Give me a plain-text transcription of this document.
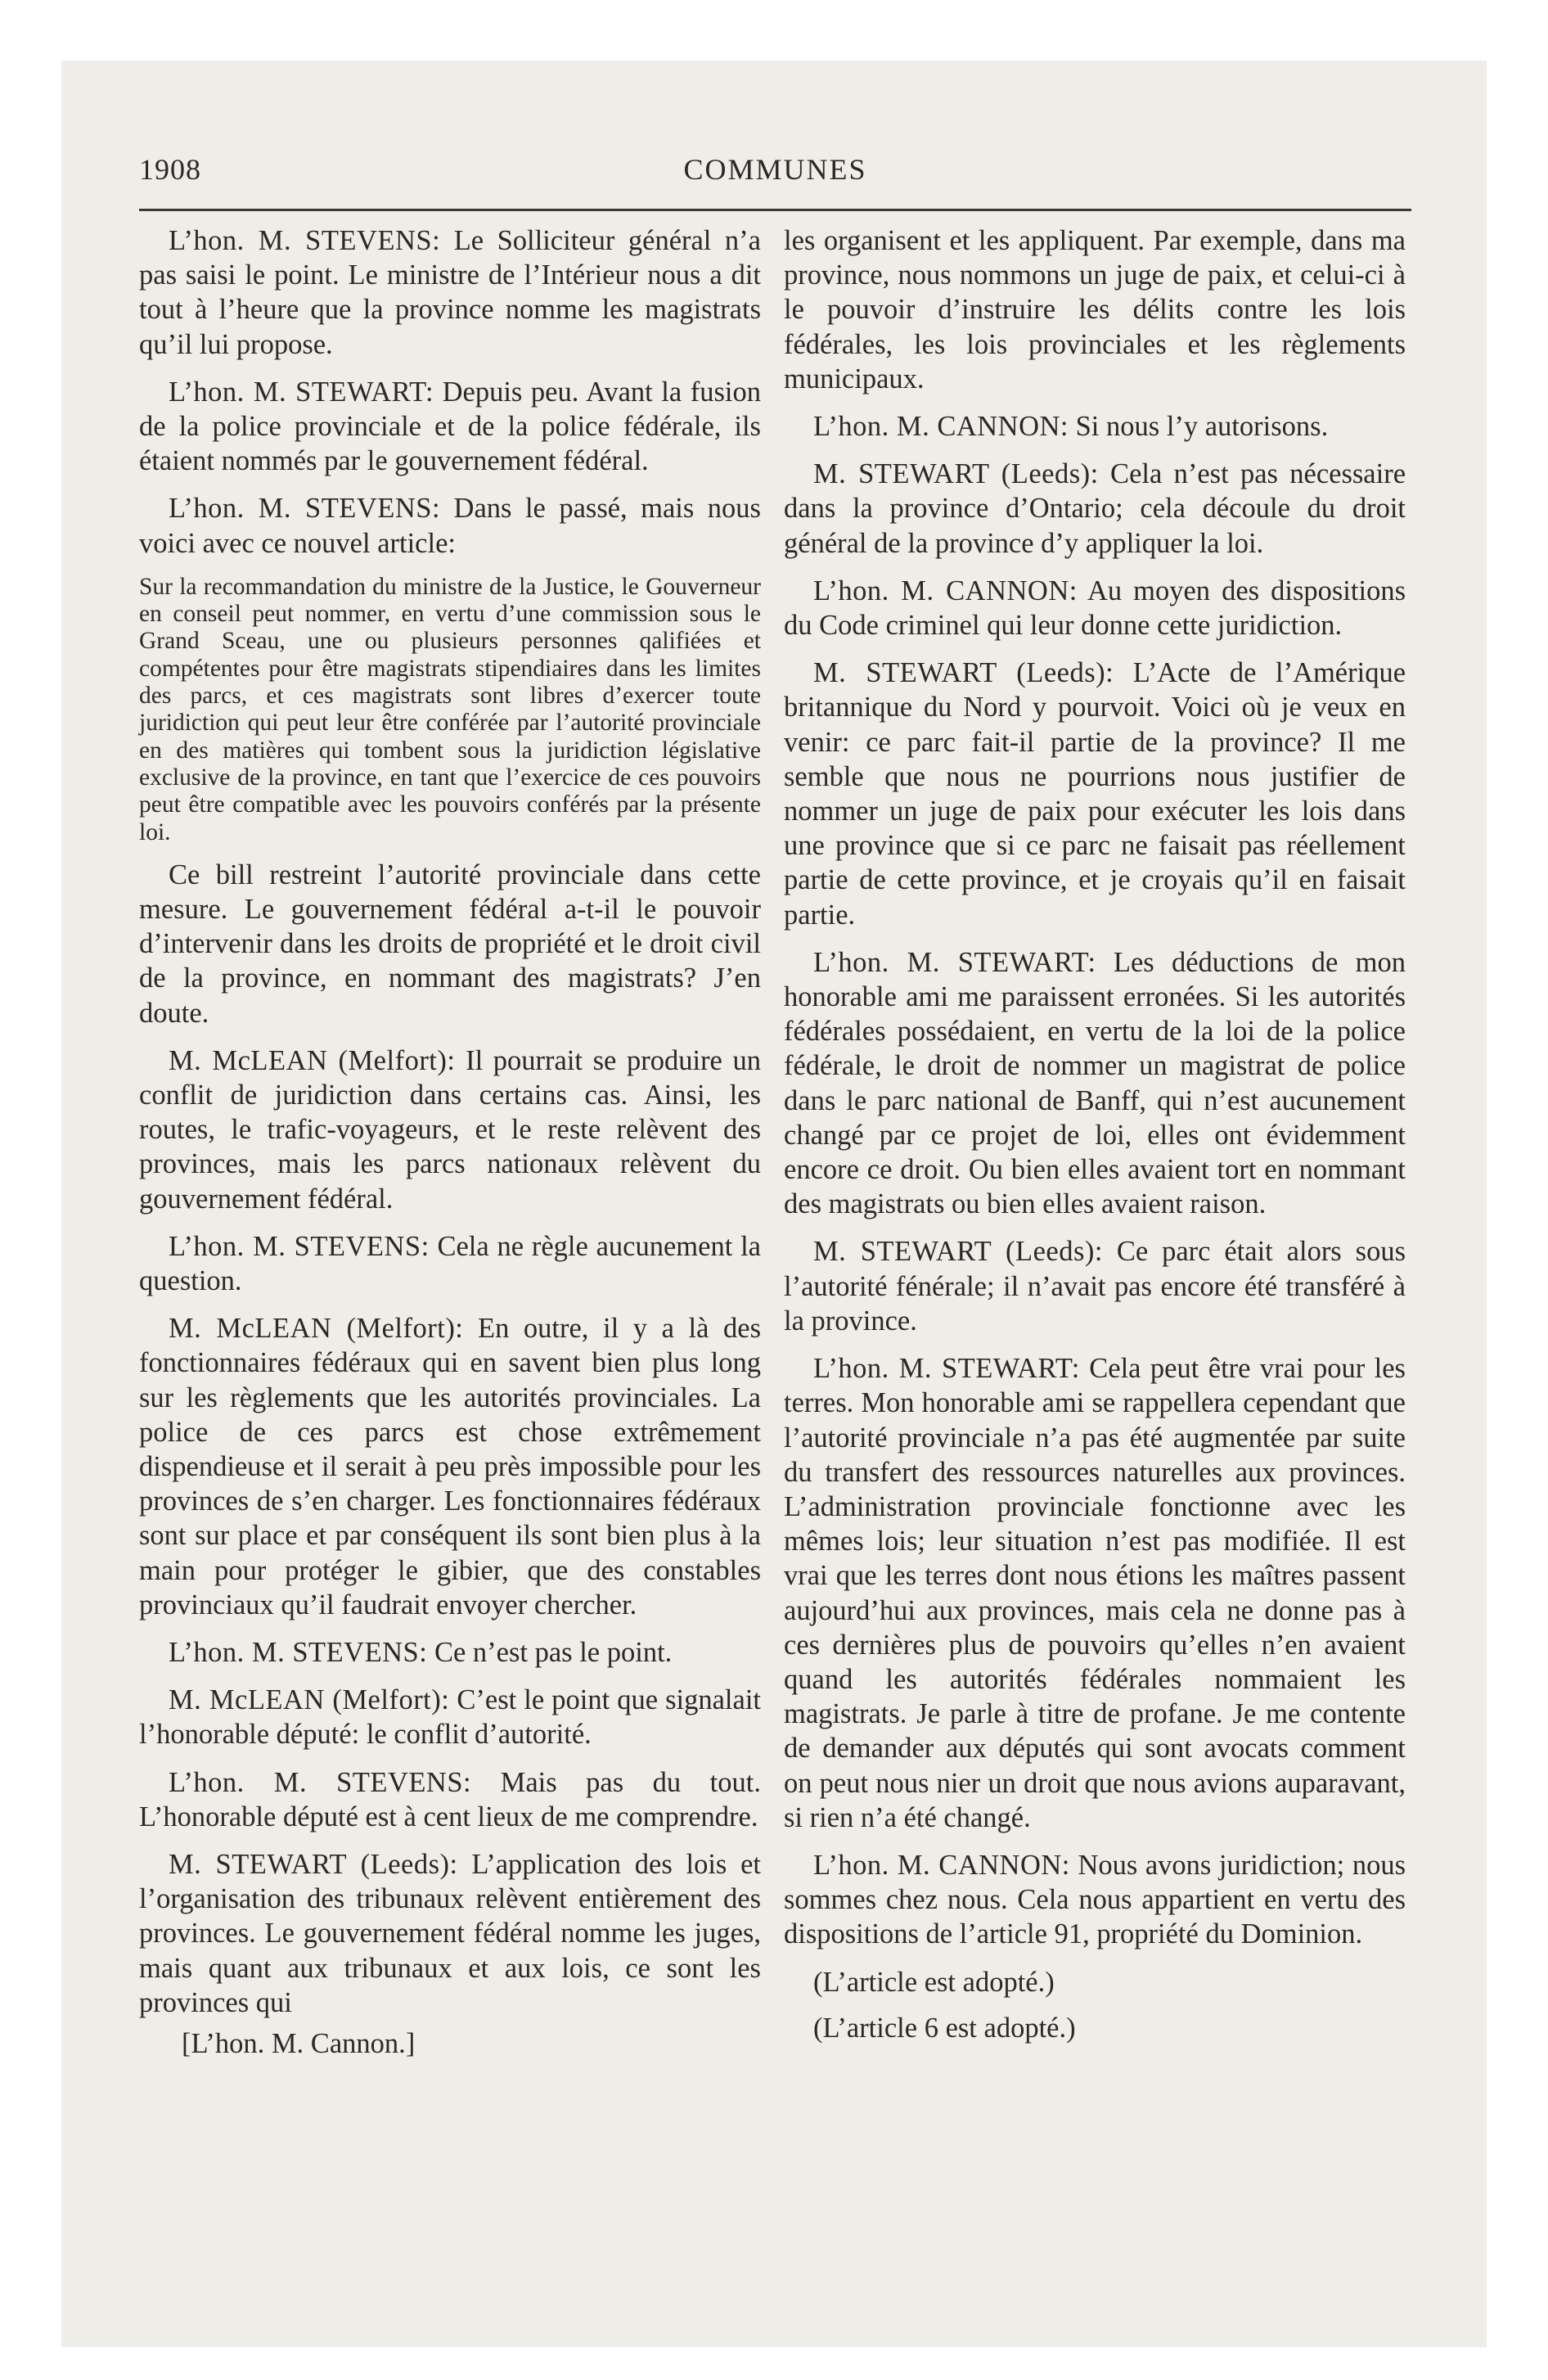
1908	COMMUNES

L’hon. M. STEVENS: Le Solliciteur général n’a pas saisi le point. Le ministre de l’Intérieur nous a dit tout à l’heure que la province nomme les magistrats qu’il lui propose.

L’hon. M. STEWART: Depuis peu. Avant la fusion de la police provinciale et de la police fédérale, ils étaient nommés par le gouvernement fédéral.

L’hon. M. STEVENS: Dans le passé, mais nous voici avec ce nouvel article:

Sur la recommandation du ministre de la Justice, le Gouverneur en conseil peut nommer, en vertu d’une commission sous le Grand Sceau, une ou plusieurs personnes qalifiées et compétentes pour être magistrats stipendiaires dans les limites des parcs, et ces magistrats sont libres d’exercer toute juridiction qui peut leur être conférée par l’autorité provinciale en des matières qui tombent sous la juridiction législative exclusive de la province, en tant que l’exercice de ces pouvoirs peut être compatible avec les pouvoirs conférés par la présente loi.

Ce bill restreint l’autorité provinciale dans cette mesure. Le gouvernement fédéral a-t-il le pouvoir d’intervenir dans les droits de propriété et le droit civil de la province, en nommant des magistrats? J’en doute.

M. McLEAN (Melfort): Il pourrait se produire un conflit de juridiction dans certains cas. Ainsi, les routes, le trafic-voyageurs, et le reste relèvent des provinces, mais les parcs nationaux relèvent du gouvernement fédéral.

L’hon. M. STEVENS: Cela ne règle aucunement la question.

M. McLEAN (Melfort): En outre, il y a là des fonctionnaires fédéraux qui en savent bien plus long sur les règlements que les autorités provinciales. La police de ces parcs est chose extrêmement dispendieuse et il serait à peu près impossible pour les provinces de s’en charger. Les fonctionnaires fédéraux sont sur place et par conséquent ils sont bien plus à la main pour protéger le gibier, que des constables provinciaux qu’il faudrait envoyer chercher.

L’hon. M. STEVENS: Ce n’est pas le point.

M. McLEAN (Melfort): C’est le point que signalait l’honorable député: le conflit d’autorité.

L’hon. M. STEVENS: Mais pas du tout. L’honorable député est à cent lieux de me comprendre.

M. STEWART (Leeds): L’application des lois et l’organisation des tribunaux relèvent entièrement des provinces. Le gouvernement fédéral nomme les juges, mais quant aux tribunaux et aux lois, ce sont les provinces qui

[L’hon. M. Cannon.]

les organisent et les appliquent. Par exemple, dans ma province, nous nommons un juge de paix, et celui-ci à le pouvoir d’instruire les délits contre les lois fédérales, les lois provinciales et les règlements municipaux.

L’hon. M. CANNON: Si nous l’y autorisons.

M. STEWART (Leeds): Cela n’est pas nécessaire dans la province d’Ontario; cela découle du droit général de la province d’y appliquer la loi.

L’hon. M. CANNON: Au moyen des dispositions du Code criminel qui leur donne cette juridiction.

M. STEWART (Leeds): L’Acte de l’Amérique britannique du Nord y pourvoit. Voici où je veux en venir: ce parc fait-il partie de la province? Il me semble que nous ne pourrions nous justifier de nommer un juge de paix pour exécuter les lois dans une province que si ce parc ne faisait pas réellement partie de cette province, et je croyais qu’il en faisait partie.

L’hon. M. STEWART: Les déductions de mon honorable ami me paraissent erronées. Si les autorités fédérales possédaient, en vertu de la loi de la police fédérale, le droit de nommer un magistrat de police dans le parc national de Banff, qui n’est aucunement changé par ce projet de loi, elles ont évidemment encore ce droit. Ou bien elles avaient tort en nommant des magistrats ou bien elles avaient raison.

M. STEWART (Leeds): Ce parc était alors sous l’autorité fénérale; il n’avait pas encore été transféré à la province.

L’hon. M. STEWART: Cela peut être vrai pour les terres. Mon honorable ami se rappellera cependant que l’autorité provinciale n’a pas été augmentée par suite du transfert des ressources naturelles aux provinces. L’administration provinciale fonctionne avec les mêmes lois; leur situation n’est pas modifiée. Il est vrai que les terres dont nous étions les maîtres passent aujourd’hui aux provinces, mais cela ne donne pas à ces dernières plus de pouvoirs qu’elles n’en avaient quand les autorités fédérales nommaient les magistrats. Je parle à titre de profane. Je me contente de demander aux députés qui sont avocats comment on peut nous nier un droit que nous avions auparavant, si rien n’a été changé.

L’hon. M. CANNON: Nous avons juridiction; nous sommes chez nous. Cela nous appartient en vertu des dispositions de l’article 91, propriété du Dominion.

(L’article est adopté.)

(L’article 6 est adopté.)
